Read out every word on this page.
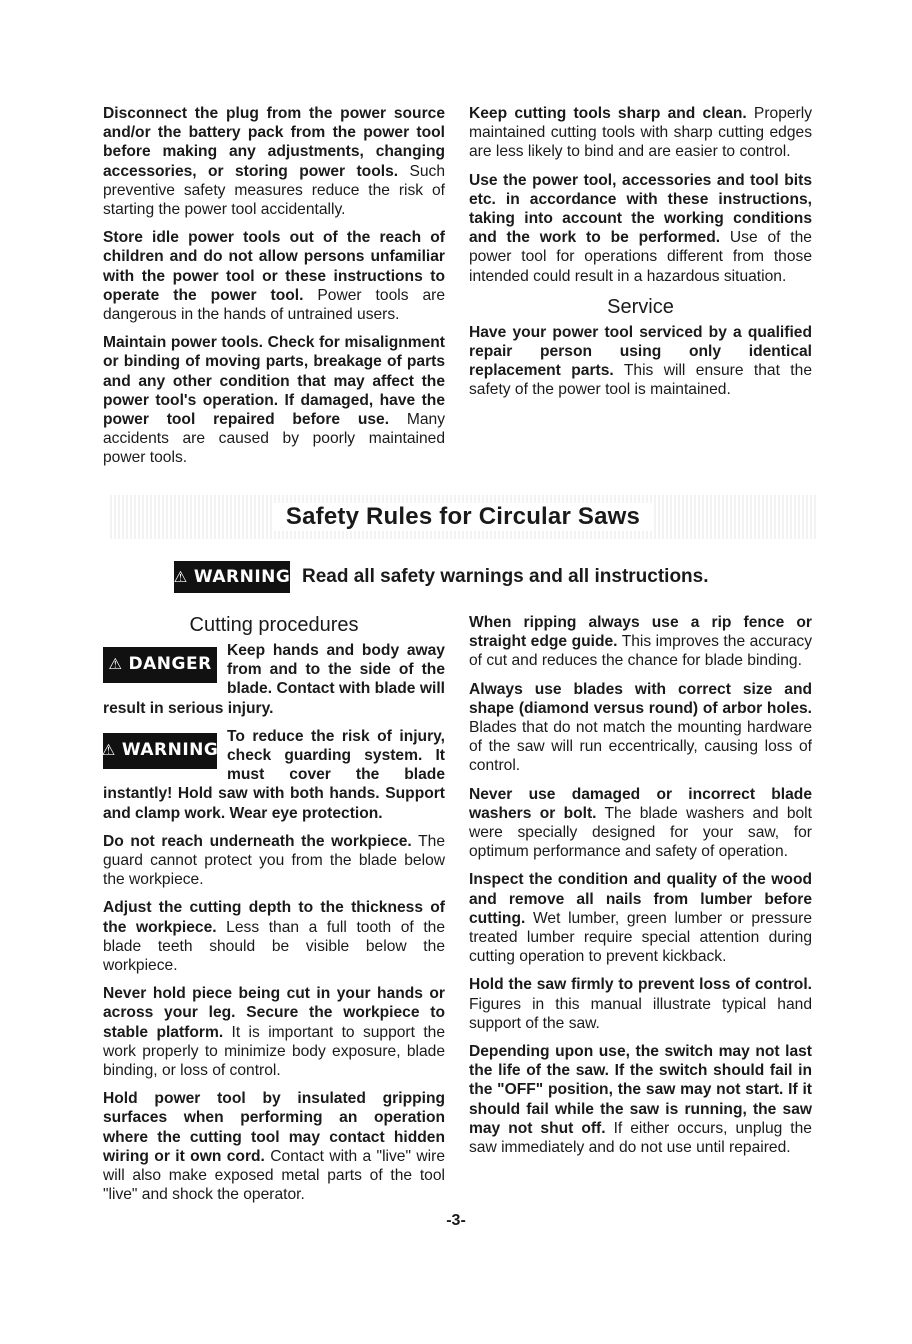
Disconnect the plug from the power source and/or the battery pack from the power tool before making any adjustments, changing accessories, or storing power tools. Such preventive safety measures reduce the risk of starting the power tool accidentally.

Store idle power tools out of the reach of children and do not allow persons unfamiliar with the power tool or these instructions to operate the power tool. Power tools are dangerous in the hands of untrained users.

Maintain power tools. Check for misalignment or binding of moving parts, breakage of parts and any other condition that may affect the power tool's operation. If damaged, have the power tool repaired before use. Many accidents are caused by poorly maintained power tools.

Keep cutting tools sharp and clean. Properly maintained cutting tools with sharp cutting edges are less likely to bind and are easier to control.

Use the power tool, accessories and tool bits etc. in accordance with these instructions, taking into account the working conditions and the work to be performed. Use of the power tool for operations different from those intended could result in a hazardous situation.

Service

Have your power tool serviced by a qualified repair person using only identical replacement parts. This will ensure that the safety of the power tool is maintained.

Safety Rules for Circular Saws
⚠ WARNING Read all safety warnings and all instructions.
Cutting procedures

⚠ DANGER
Keep hands and body away from and to the side of the blade. Contact with blade will result in serious injury.

⚠ WARNING
To reduce the risk of injury, check guarding system. It must cover the blade instantly! Hold saw with both hands. Support and clamp work. Wear eye protection.

Do not reach underneath the workpiece. The guard cannot protect you from the blade below the workpiece.

Adjust the cutting depth to the thickness of the workpiece. Less than a full tooth of the blade teeth should be visible below the workpiece.

Never hold piece being cut in your hands or across your leg. Secure the workpiece to stable platform. It is important to support the work properly to minimize body exposure, blade binding, or loss of control.

Hold power tool by insulated gripping surfaces when performing an operation where the cutting tool may contact hidden wiring or it own cord. Contact with a "live" wire will also make exposed metal parts of the tool "live" and shock the operator.

When ripping always use a rip fence or straight edge guide. This improves the accuracy of cut and reduces the chance for blade binding.

Always use blades with correct size and shape (diamond versus round) of arbor holes. Blades that do not match the mounting hardware of the saw will run eccentrically, causing loss of control.

Never use damaged or incorrect blade washers or bolt. The blade washers and bolt were specially designed for your saw, for optimum performance and safety of operation.

Inspect the condition and quality of the wood and remove all nails from lumber before cutting. Wet lumber, green lumber or pressure treated lumber require special attention during cutting operation to prevent kickback.

Hold the saw firmly to prevent loss of control. Figures in this manual illustrate typical hand support of the saw.

Depending upon use, the switch may not last the life of the saw. If the switch should fail in the "OFF" position, the saw may not start. If it should fail while the saw is running, the saw may not shut off. If either occurs, unplug the saw immediately and do not use until repaired.

-3-
